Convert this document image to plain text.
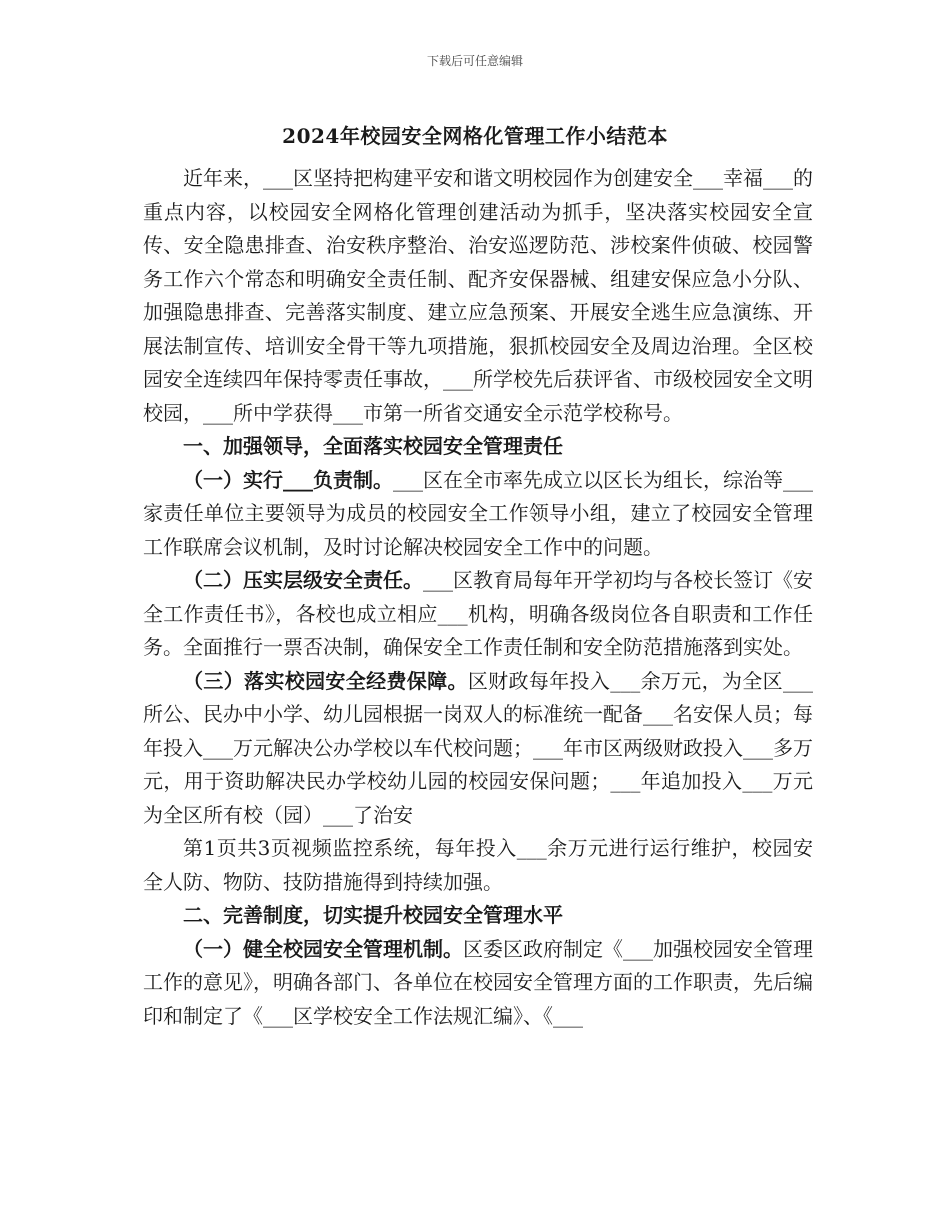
下载后可任意编辑
2024年校园安全网格化管理工作小结范本

近年来，___区坚持把构建平安和谐文明校园作为创建安全___幸福___的重点内容，以校园安全网格化管理创建活动为抓手，坚决落实校园安全宣传、安全隐患排查、治安秩序整治、治安巡逻防范、涉校案件侦破、校园警务工作六个常态和明确安全责任制、配齐安保器械、组建安保应急小分队、加强隐患排查、完善落实制度、建立应急预案、开展安全逃生应急演练、开展法制宣传、培训安全骨干等九项措施，狠抓校园安全及周边治理。全区校园安全连续四年保持零责任事故，___所学校先后获评省、市级校园安全文明校园，___所中学获得___市第一所省交通安全示范学校称号。

一、加强领导，全面落实校园安全管理责任

（一）实行___负责制。___区在全市率先成立以区长为组长，综治等___家责任单位主要领导为成员的校园安全工作领导小组，建立了校园安全管理工作联席会议机制，及时讨论解决校园安全工作中的问题。

（二）压实层级安全责任。___区教育局每年开学初均与各校长签订《安全工作责任书》，各校也成立相应___机构，明确各级岗位各自职责和工作任务。全面推行一票否决制，确保安全工作责任制和安全防范措施落到实处。

（三）落实校园安全经费保障。区财政每年投入___余万元，为全区___所公、民办中小学、幼儿园根据一岗双人的标准统一配备___名安保人员；每年投入___万元解决公办学校以车代校问题；___年市区两级财政投入___多万元，用于资助解决民办学校幼儿园的校园安保问题；___年追加投入___万元为全区所有校（园）___了治安

第1页共3页视频监控系统，每年投入___余万元进行运行维护，校园安全人防、物防、技防措施得到持续加强。

二、完善制度，切实提升校园安全管理水平

（一）健全校园安全管理机制。区委区政府制定《___加强校园安全管理工作的意见》，明确各部门、各单位在校园安全管理方面的工作职责，先后编印和制定了《___区学校安全工作法规汇编》、《___
